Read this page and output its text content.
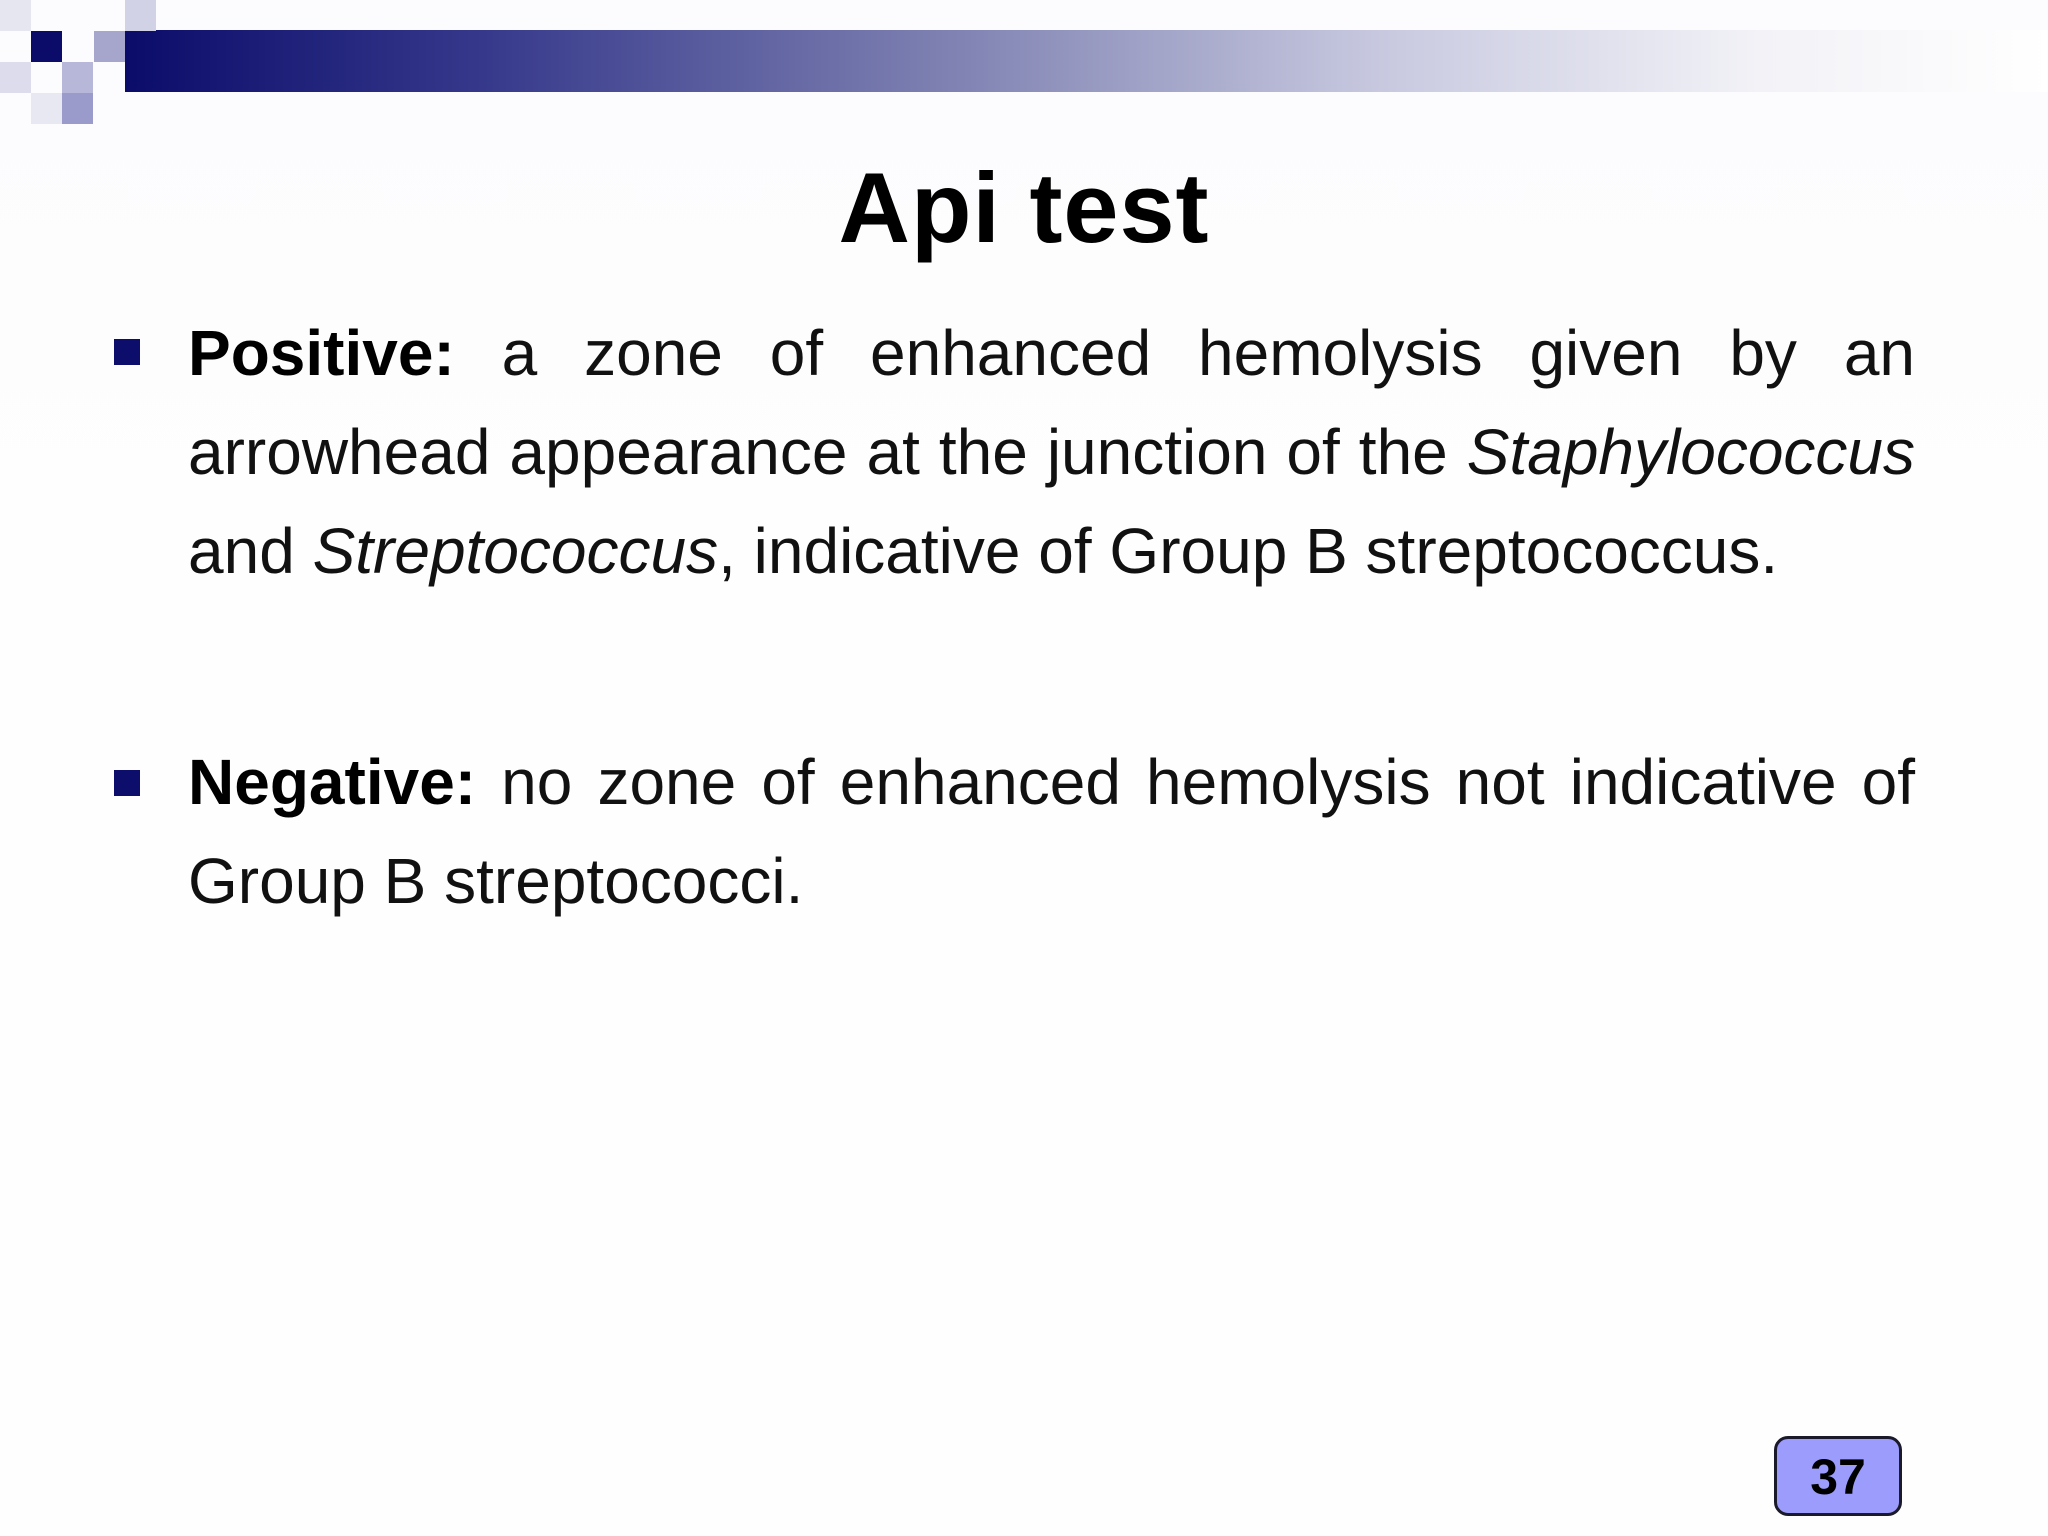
Api test

Positive: a zone of enhanced hemolysis given by an arrowhead appearance at the junction of the Staphylococcus and Streptococcus, indicative of Group B streptococcus.

Negative: no zone of enhanced hemolysis not indicative of Group B streptococci.

37
